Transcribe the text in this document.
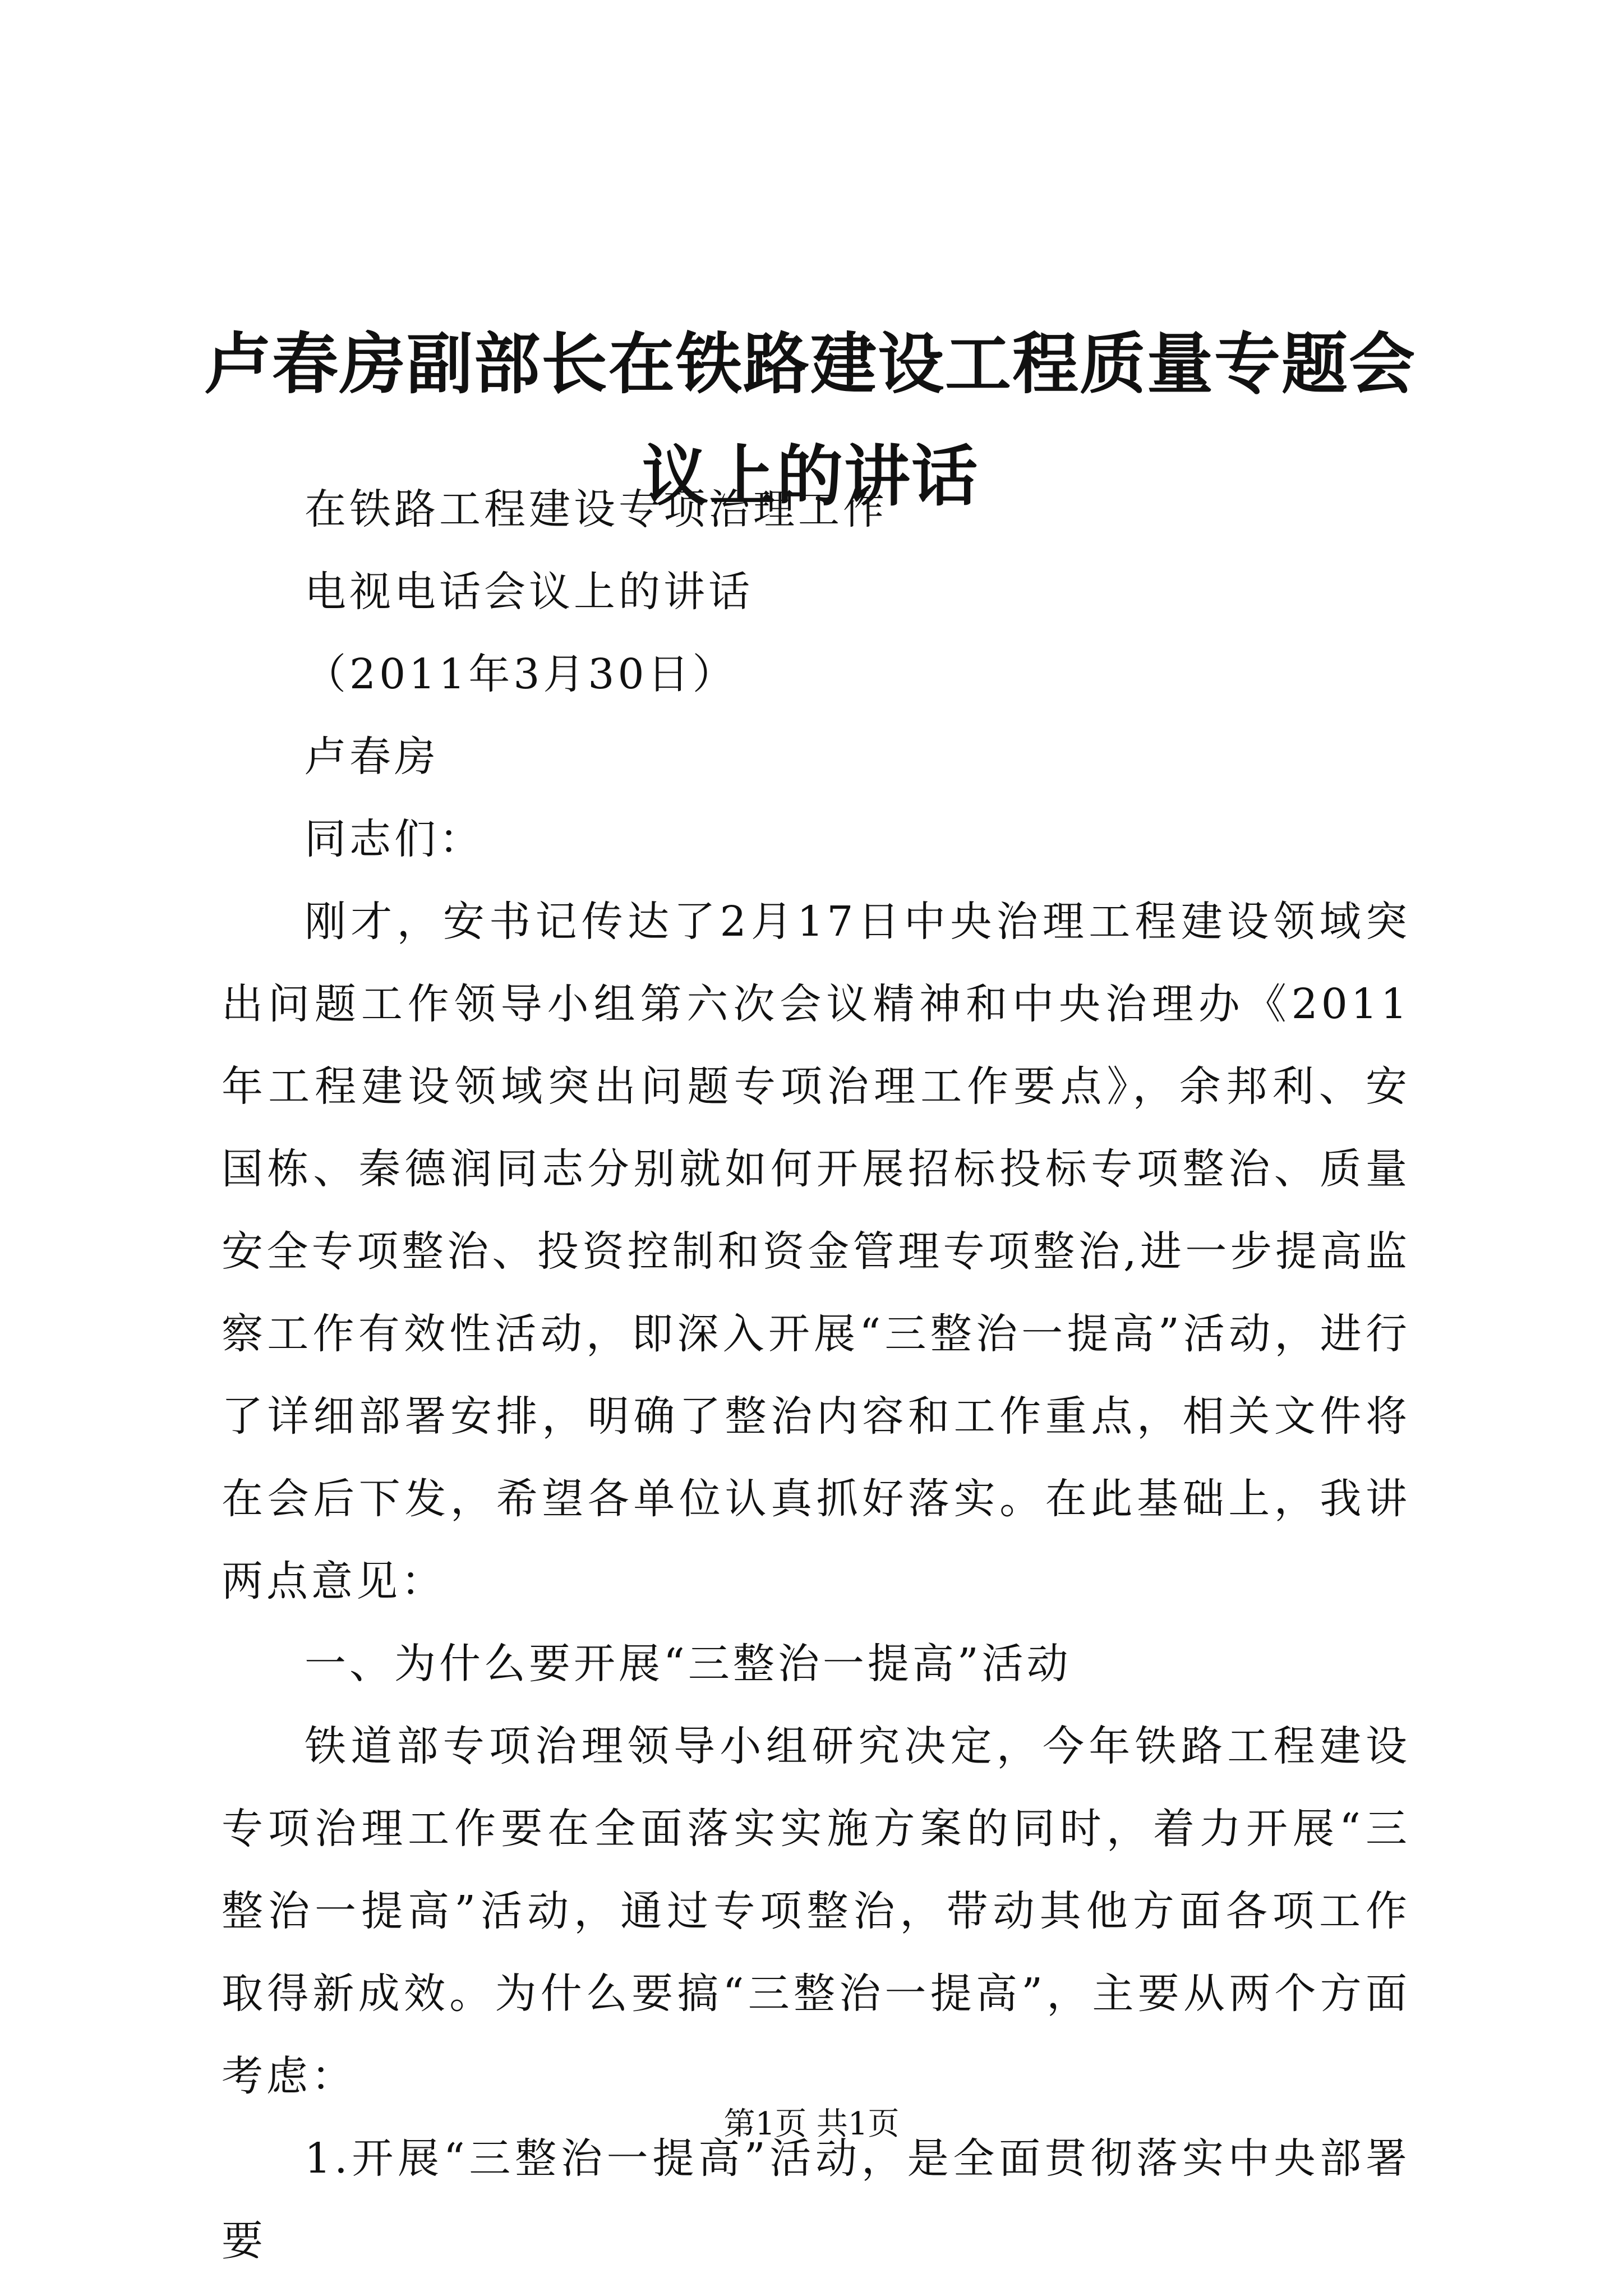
卢春房副部长在铁路建设工程质量专题会议上的讲话

在铁路工程建设专项治理工作

电视电话会议上的讲话

（2011年3月30日）

卢春房

同志们：

刚才，安书记传达了2月17日中央治理工程建设领域突出问题工作领导小组第六次会议精神和中央治理办《2011年工程建设领域突出问题专项治理工作要点》，余邦利、安国栋、秦德润同志分别就如何开展招标投标专项整治、质量安全专项整治、投资控制和资金管理专项整治,进一步提高监察工作有效性活动，即深入开展“三整治一提高”活动，进行了详细部署安排，明确了整治内容和工作重点，相关文件将在会后下发，希望各单位认真抓好落实。在此基础上，我讲两点意见：

一、为什么要开展“三整治一提高”活动

铁道部专项治理领导小组研究决定，今年铁路工程建设专项治理工作要在全面落实实施方案的同时，着力开展“三整治一提高”活动，通过专项整治，带动其他方面各项工作取得新成效。为什么要搞“三整治一提高”，主要从两个方面考虑：

1.开展“三整治一提高”活动，是全面贯彻落实中央部署要

第1页 共1页
